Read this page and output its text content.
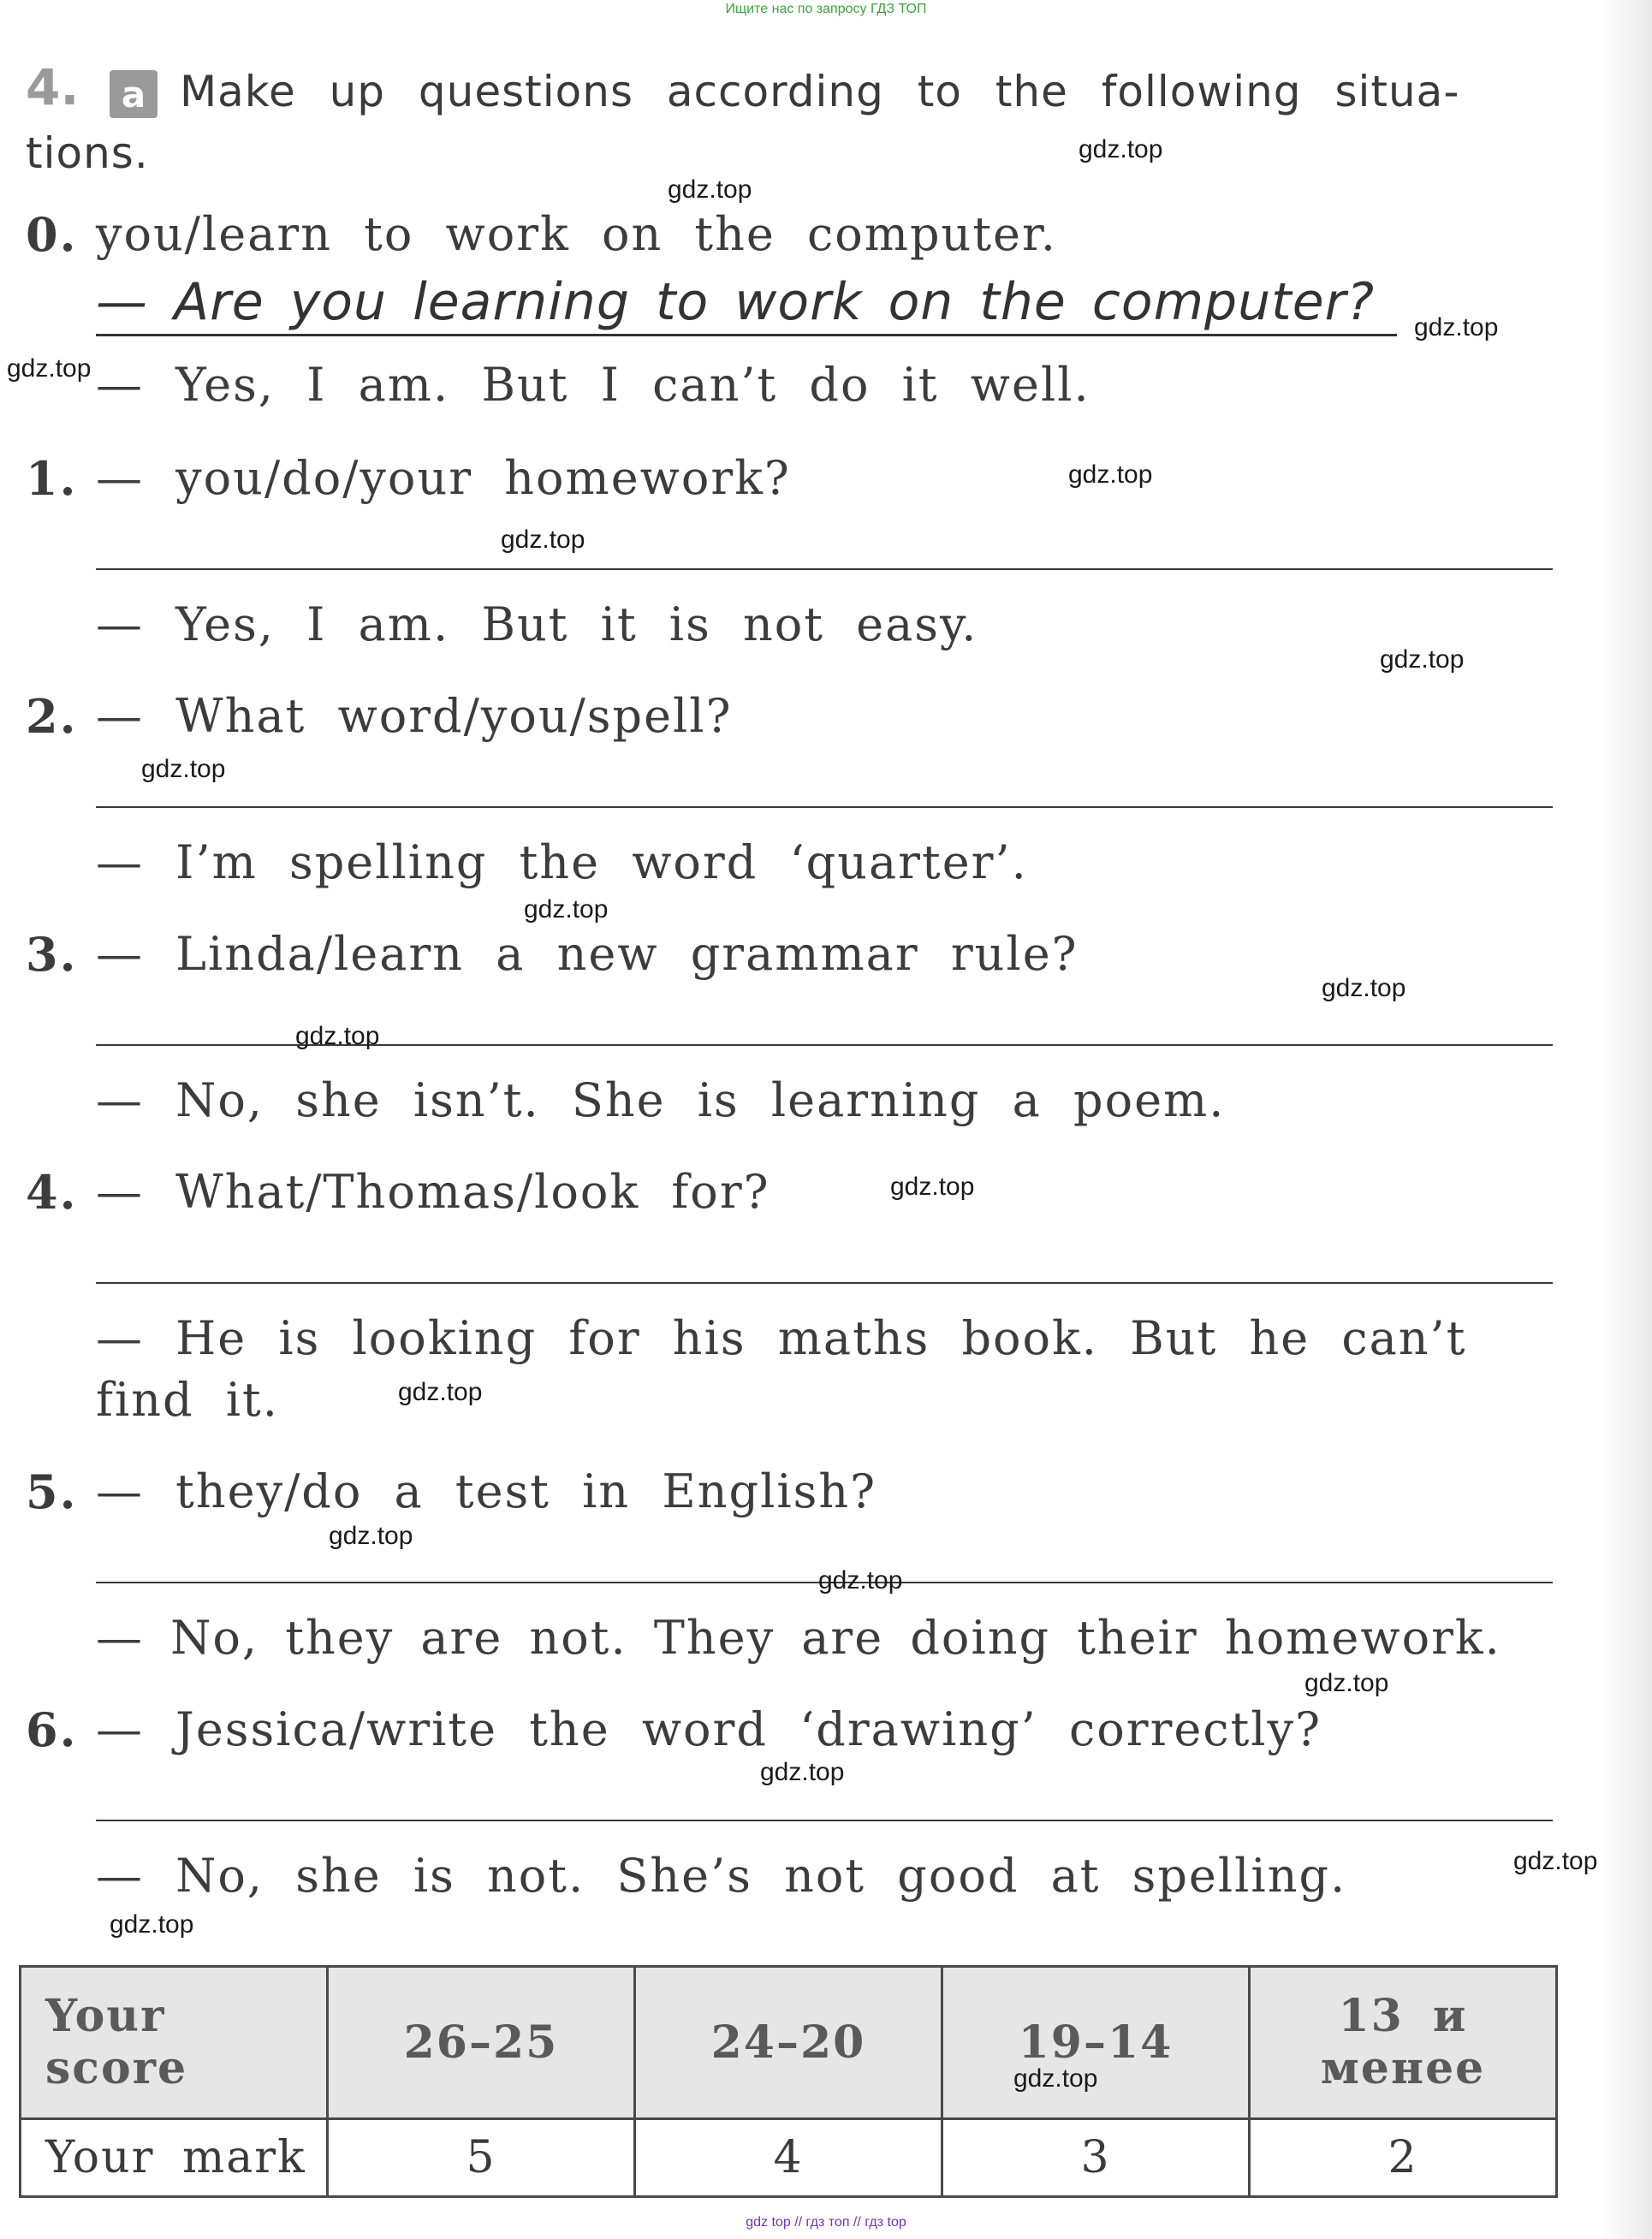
Ищите нас по запросу ГДЗ ТОП
4. a Make up questions according to the following situa-
tions.
0. you/learn to work on the computer.
— Are you learning to work on the computer?
— Yes, I am. But I can’t do it well.
1. — you/do/your homework?
— Yes, I am. But it is not easy.
2. — What word/you/spell?
— I’m spelling the word ‘quarter’.
3. — Linda/learn a new grammar rule?
— No, she isn’t. She is learning a poem.
4. — What/Thomas/look for?
— He is looking for his maths book. But he can’t
find it.
5. — they/do a test in English?
— No, they are not. They are doing their homework.
6. — Jessica/write the word ‘drawing’ correctly?
— No, she is not. She’s not good at spelling.
Your score	26–25	24–20	19–14	13 и менее
Your mark	5	4	3	2
gdz.top
gdz.top
gdz.top
gdz.top
gdz.top
gdz.top
gdz.top
gdz.top
gdz.top
gdz.top
gdz.top
gdz.top
gdz.top
gdz.top
gdz.top
gdz.top
gdz.top
gdz.top
gdz.top
gdz.top
gdz top // гдз топ // гдз top
